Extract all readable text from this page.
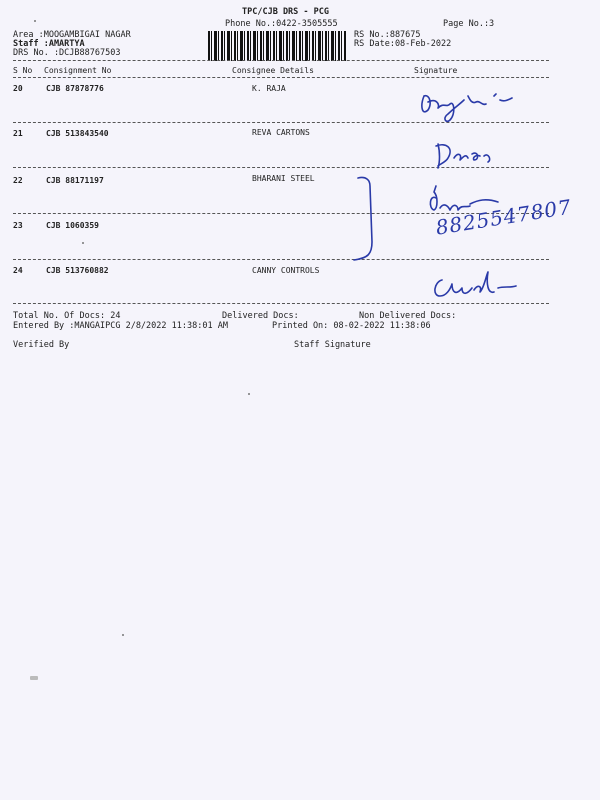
TPC/CJB DRS - PCG
Phone No.:0422-3505555	Page No.:3
Area :MOOGAMBIGAI NAGAR
Staff :AMARTYA
DRS No. :DCJB88767503
RS No.:887675
RS Date:08-Feb-2022
S No Consignment No	Consignee Details	Signature
20	CJB 87878776	K. RAJA
21	CJB 513843540	REVA CARTONS
22	CJB 88171197	BHARANI STEEL
23	CJB 1060359
24	CJB 513760882	CANNY CONTROLS
Total No. Of Docs: 24	Delivered Docs:	Non Delivered Docs:
Entered By :MANGAIPCG 2/8/2022 11:38:01 AM	Printed On: 08-02-2022 11:38:06
Verified By	Staff Signature
8825547807
